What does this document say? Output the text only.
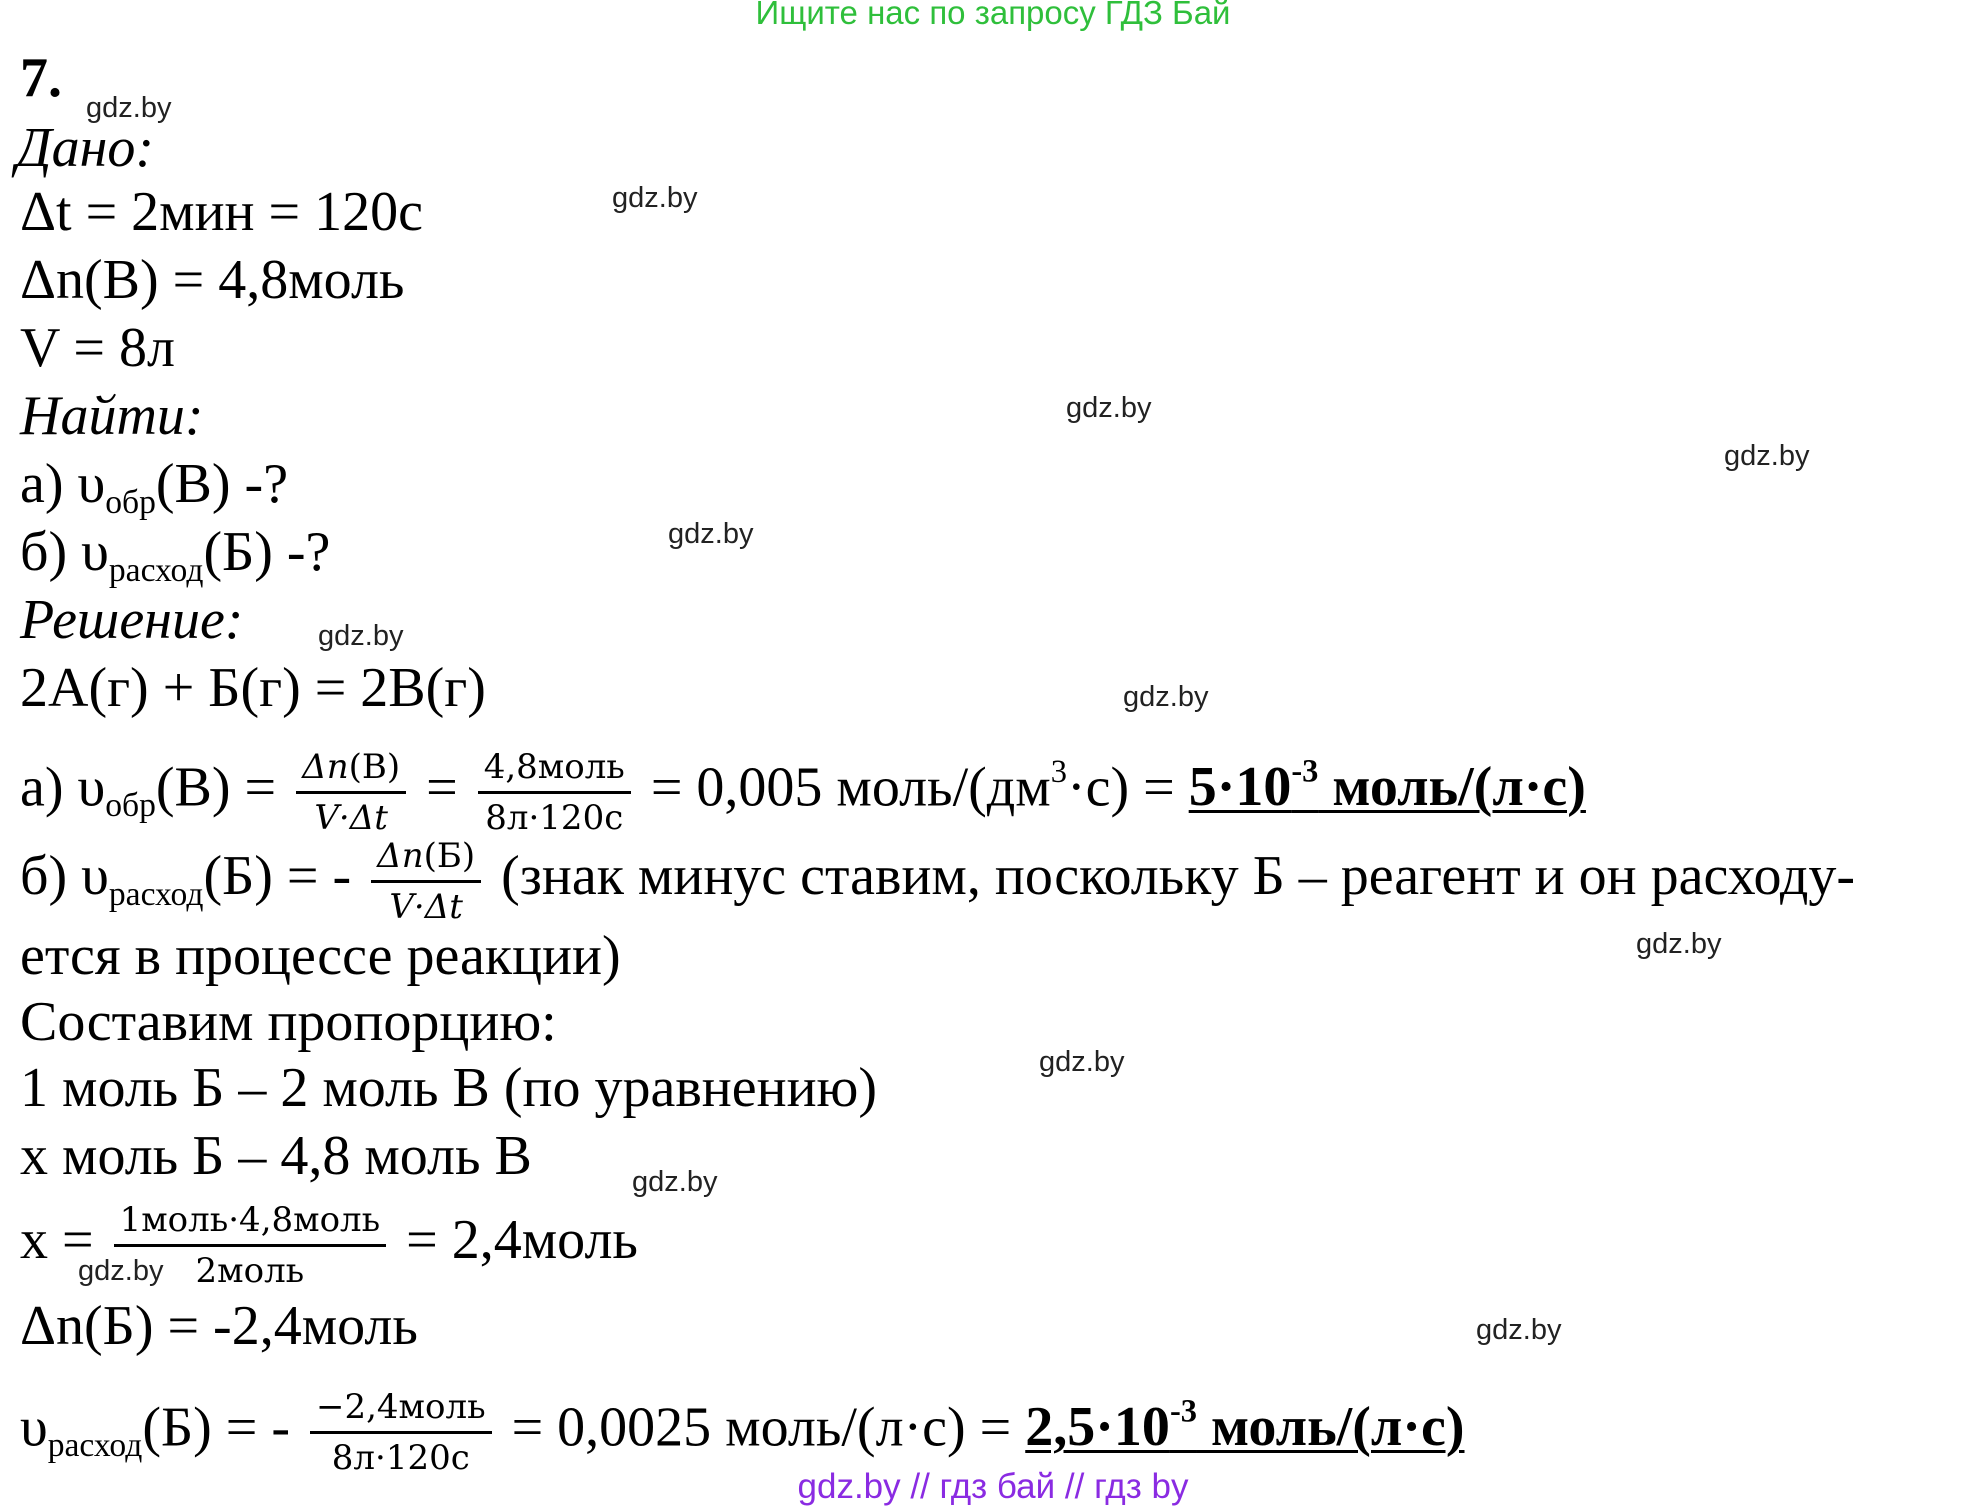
Ищите нас по запросу ГДЗ Бай
gdz.by
gdz.by
gdz.by
gdz.by
gdz.by
gdz.by
gdz.by
gdz.by
gdz.by
gdz.by
gdz.by
gdz.by
7.
Дано:
Δt = 2мин = 120с
Δn(В) = 4,8моль
V = 8л
Найти:
а) $\upsilon_{обр}(В)$ -?
б) $\upsilon_{расход}(Б)$ -?
Решение:
2А(г) + Б(г) = 2В(г)
а) $\upsilon_{обр}(В) = \frac{\Delta n(В)}{V\cdot\Delta t} = \frac{\text{4,8моль}}{8л\cdot 120с} = 0,005$ моль/$(дм^3\cdot с) = 5\cdot 10^{-3}$ моль/(л·с)
б) $\upsilon_{расход}(Б)$ = - $\frac{\Delta n(Б)}{V\cdot\Delta t}$ (знак минус ставим, поскольку Б – реагент и он расходу-
ется в процессе реакции)
Составим пропорцию:
1 моль Б – 2 моль В (по уравнению)
х моль Б – 4,8 моль В
$х = \frac{\text{1моль·4,8моль}}{\text{2моль}}$ = 2,4моль
Δn(Б) = -2,4моль
$\upsilon_{расход}(Б)$ = - $\frac{\text{−2,4моль}}{8л\cdot 120с} = 0,0025$ моль/(л·с) = $2,5\cdot 10^{-3}$ моль/(л·с)
gdz.by // гдз бай // гдз by
